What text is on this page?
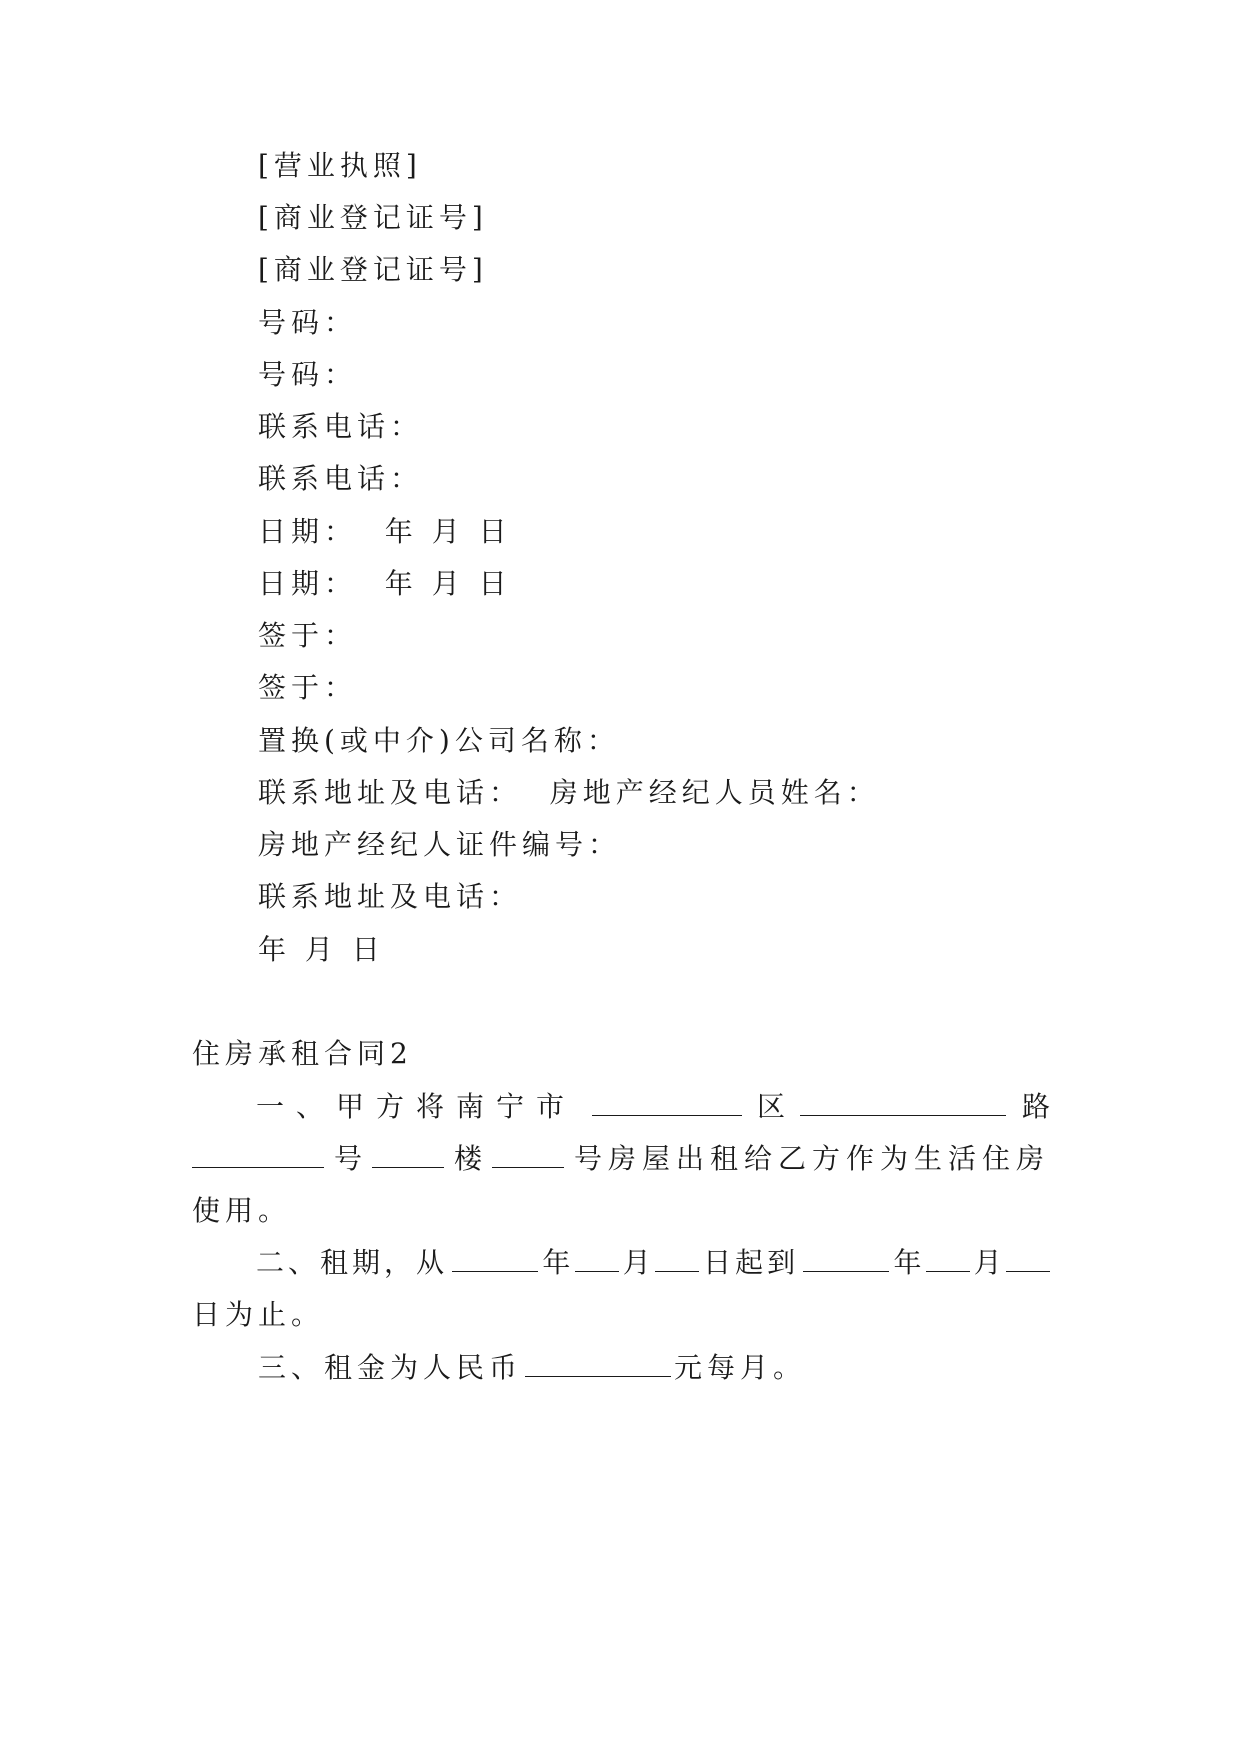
[营业执照]
[商业登记证号]
[商业登记证号]
号码：
号码：
联系电话：
联系电话：
日期：  年 月 日
日期：  年 月 日
签于：
签于：
置换(或中介)公司名称：
联系地址及电话：  房地产经纪人员姓名：
房地产经纪人证件编号：
联系地址及电话：
年 月 日
住房承租合同2
一、甲方将南宁市	区	路
号	楼	号房屋出租给乙方作为生活住房
使用。
二、租期，从	年 月 日起到	年 月
日为止。
三、租金为人民币	元每月。
